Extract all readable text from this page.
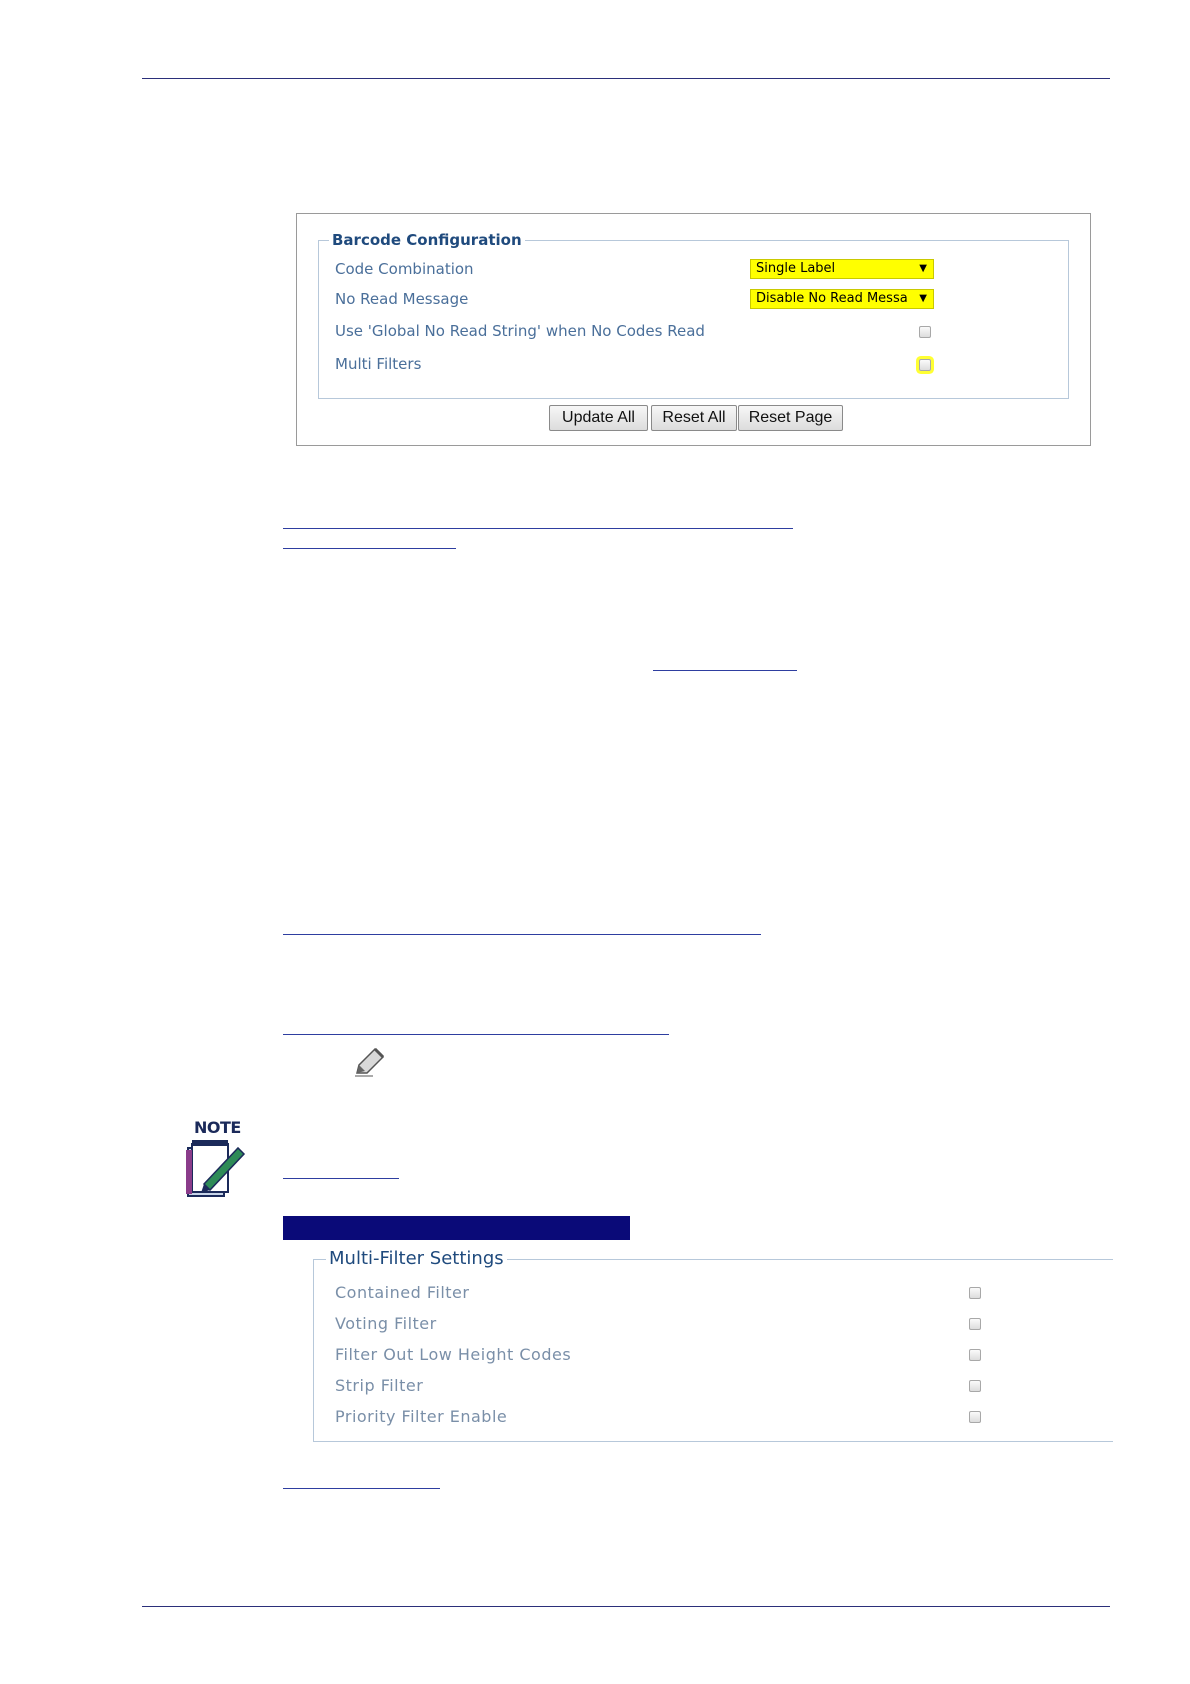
Barcode Configuration
Code Combination	Single Label	▼
No Read Message	Disable No Read Messa ▼
Use 'Global No Read String' when No Codes Read
Multi Filters
Update All	Reset All	Reset Page
NOTE
Multi-Filter Settings
Contained Filter
Voting Filter
Filter Out Low Height Codes
Strip Filter
Priority Filter Enable
